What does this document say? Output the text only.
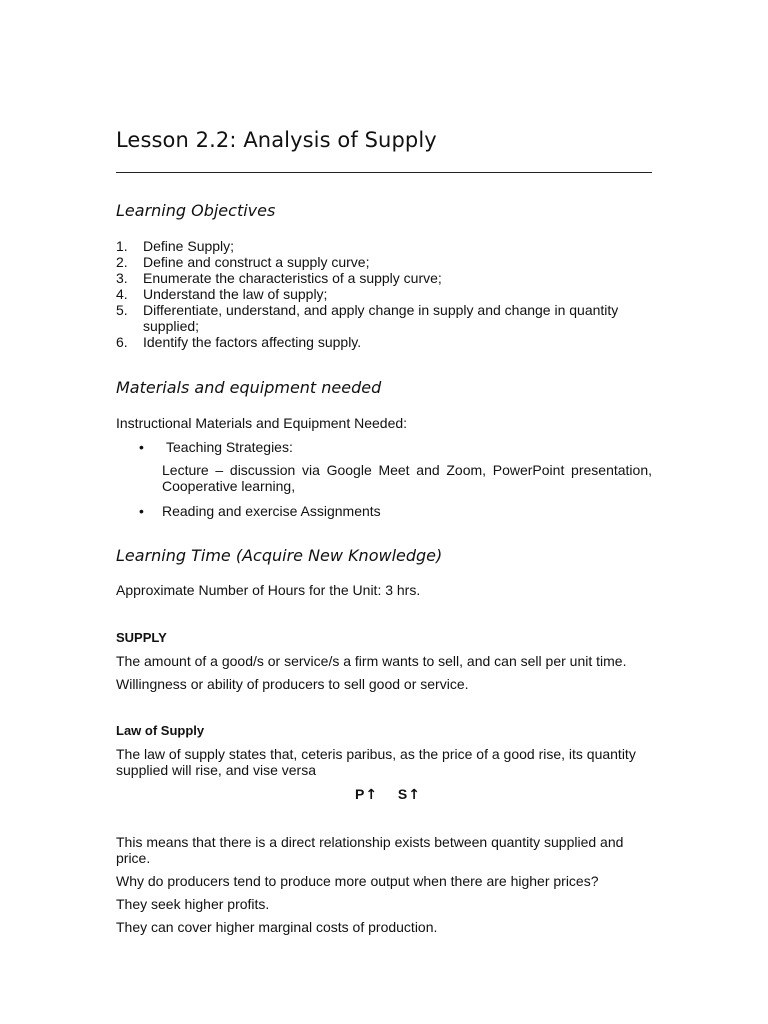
Lesson 2.2: Analysis of Supply
Learning Objectives
1. Define Supply;
2. Define and construct a supply curve;
3. Enumerate the characteristics of a supply curve;
4. Understand the law of supply;
5. Differentiate, understand, and apply change in supply and change in quantity supplied;
6. Identify the factors affecting supply.
Materials and equipment needed

Instructional Materials and Equipment Needed:

• Teaching Strategies:

Lecture – discussion via Google Meet and Zoom, PowerPoint presentation, Cooperative learning,

• Reading and exercise Assignments

Learning Time (Acquire New Knowledge)

Approximate Number of Hours for the Unit: 3 hrs.

SUPPLY

The amount of a good/s or service/s a firm wants to sell, and can sell per unit time.

Willingness or ability of producers to sell good or service.

Law of Supply

The law of supply states that, ceteris paribus, as the price of a good rise, its quantity supplied will rise, and vise versa

P↑ S↑

This means that there is a direct relationship exists between quantity supplied and price.

Why do producers tend to produce more output when there are higher prices?

They seek higher profits.

They can cover higher marginal costs of production.
